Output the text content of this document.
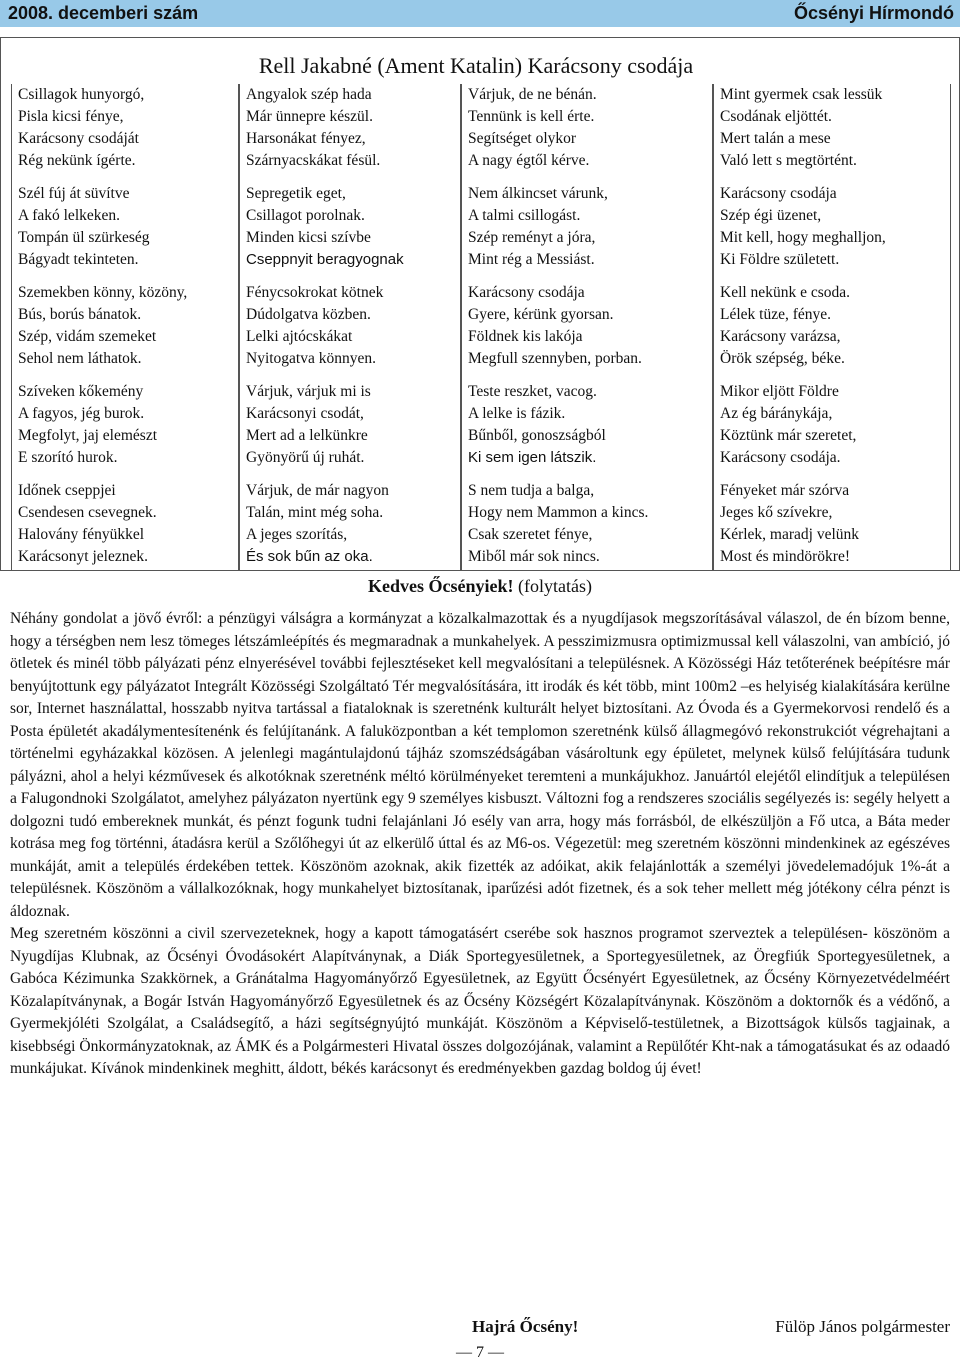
2008. decemberi szám	Őcsényi Hírmondó
Rell Jakabné (Ament Katalin) Karácsony csodája
Csillagok hunyorgó,
Pisla kicsi fénye,
Karácsony csodáját
Rég nekünk ígérte.
Szél fúj át süvítve
A fakó lelkeken.
Tompán ül szürkeség
Bágyadt tekinteten.
Szemekben könny, közöny,
Bús, borús bánatok.
Szép, vidám szemeket
Sehol nem láthatok.
Szíveken kőkemény
A fagyos, jég burok.
Megfolyt, jaj elemészt
E szorító hurok.
Időnek cseppjei
Csendesen csevegnek.
Halovány fényükkel
Karácsonyt jeleznek.
Angyalok szép hada
Már ünnepre készül.
Harsonákat fényez,
Szárnyacskákat fésül.
Sepregetik eget,
Csillagot porolnak.
Minden kicsi szívbe
Cseppnyit beragyognak
Fénycsokrokat kötnek
Dúdolgatva közben.
Lelki ajtócskákat
Nyitogatva könnyen.
Várjuk, várjuk mi is
Karácsonyi csodát,
Mert ad a lelkünkre
Gyönyörű új ruhát.
Várjuk, de már nagyon
Talán, mint még soha.
A jeges szorítás,
És sok bűn az oka.
Várjuk, de ne bénán.
Tennünk is kell érte.
Segítséget olykor
A nagy égtől kérve.
Nem álkincset várunk,
A talmi csillogást.
Szép reményt a jóra,
Mint rég a Messiást.
Karácsony csodája
Gyere, kérünk gyorsan.
Földnek kis lakója
Megfull szennyben, porban.
Teste reszket, vacog.
A lelke is fázik.
Bűnből, gonoszságból
Ki sem igen látszik.
S nem tudja a balga,
Hogy nem Mammon a kincs.
Csak szeretet fénye,
Miből már sok nincs.
Mint gyermek csak lessük
Csodának eljöttét.
Mert talán a mese
Való lett s megtörtént.
Karácsony csodája
Szép égi üzenet,
Mit kell, hogy meghalljon,
Ki Földre született.
Kell nekünk e csoda.
Lélek tüze, fénye.
Karácsony varázsa,
Örök szépség, béke.
Mikor eljött Földre
Az ég báránykája,
Köztünk már szeretet,
Karácsony csodája.
Fényeket már szórva
Jeges kő szívekre,
Kérlek, maradj velünk
Most és mindörökre!
Kedves Őcsényiek! (folytatás)

Néhány gondolat a jövő évről: a pénzügyi válságra a kormányzat a közalkalmazottak és a nyugdíjasok megszorításával válaszol, de én bízom benne, hogy a térségben nem lesz tömeges létszámleépítés és megmaradnak a munkahelyek. A pesszimizmusra optimizmussal kell válaszolni, van ambíció, jó ötletek és minél több pályázati pénz elnyerésével további fejlesztéseket kell megvalósítani a településnek. A Közösségi Ház tetőterének beépítésre már benyújtottunk egy pályázatot Integrált Közösségi Szolgáltató Tér megvalósítására, itt irodák és két több, mint 100m2 –es helyiség kialakítására kerülne sor, Internet használattal, hosszabb nyitva tartással a fiataloknak is szeretnénk kulturált helyet biztosítani. Az Óvoda és a Gyermekorvosi rendelő és a Posta épületét akadálymentesítenénk és felújítanánk. A faluközpontban a két templomon szeretnénk külső állagmegóvó rekonstrukciót végrehajtani a történelmi egyházakkal közösen. A jelenlegi magántulajdonú tájház szomszédságában vásároltunk egy épületet, melynek külső felújítására tudunk pályázni, ahol a helyi kézművesek és alkotóknak szeretnénk méltó körülményeket teremteni a munkájukhoz. Januártól elejétől elindítjuk a településen a Falugondnoki Szolgálatot, amelyhez pályázaton nyertünk egy 9 személyes kisbuszt. Változni fog a rendszeres szociális segélyezés is: segély helyett a dolgozni tudó embereknek munkát, és pénzt fogunk tudni felajánlani Jó esély van arra, hogy más forrásból, de elkészüljön a Fő utca, a Báta meder kotrása meg fog történni, átadásra kerül a Szőlőhegyi út az elkerülő úttal és az M6-os. Végezetül: meg szeretném köszönni mindenkinek az egészéves munkáját, amit a település érdekében tettek. Köszönöm azoknak, akik fizették az adóikat, akik felajánlották a személyi jövedelemadójuk 1%-át a településnek. Köszönöm a vállalkozóknak, hogy munkahelyet biztosítanak, iparűzési adót fizetnek, és a sok teher mellett még jótékony célra pénzt is áldoznak.

Meg szeretném köszönni a civil szervezeteknek, hogy a kapott támogatásért cserébe sok hasznos programot szerveztek a településen- köszönöm a Nyugdíjas Klubnak, az Őcsényi Óvodásokért Alapítványnak, a Diák Sportegyesületnek, a Sportegyesületnek, az Öregfiúk Sportegyesületnek, a Gabóca Kézimunka Szakkörnek, a Gránátalma Hagyományőrző Egyesületnek, az Együtt Őcsényért Egyesületnek, az Őcsény Környezetvédelméért Közalapítványnak, a Bogár István Hagyományőrző Egyesületnek és az Őcsény Községért Közalapítványnak. Köszönöm a doktornők és a védőnő, a Gyermekjóléti Szolgálat, a Családsegítő, a házi segítségnyújtó munkáját. Köszönöm a Képviselő-testületnek, a Bizottságok külsős tagjainak, a kisebbségi Önkormányzatoknak, az ÁMK és a Polgármesteri Hivatal összes dolgozójának, valamint a Repülőtér Kht-nak a támogatásukat és az odaadó munkájukat. Kívánok mindenkinek meghitt, áldott, békés karácsonyt és eredményekben gazdag boldog új évet!

Hajrá Őcsény!	Fülöp János polgármester
— 7 —
